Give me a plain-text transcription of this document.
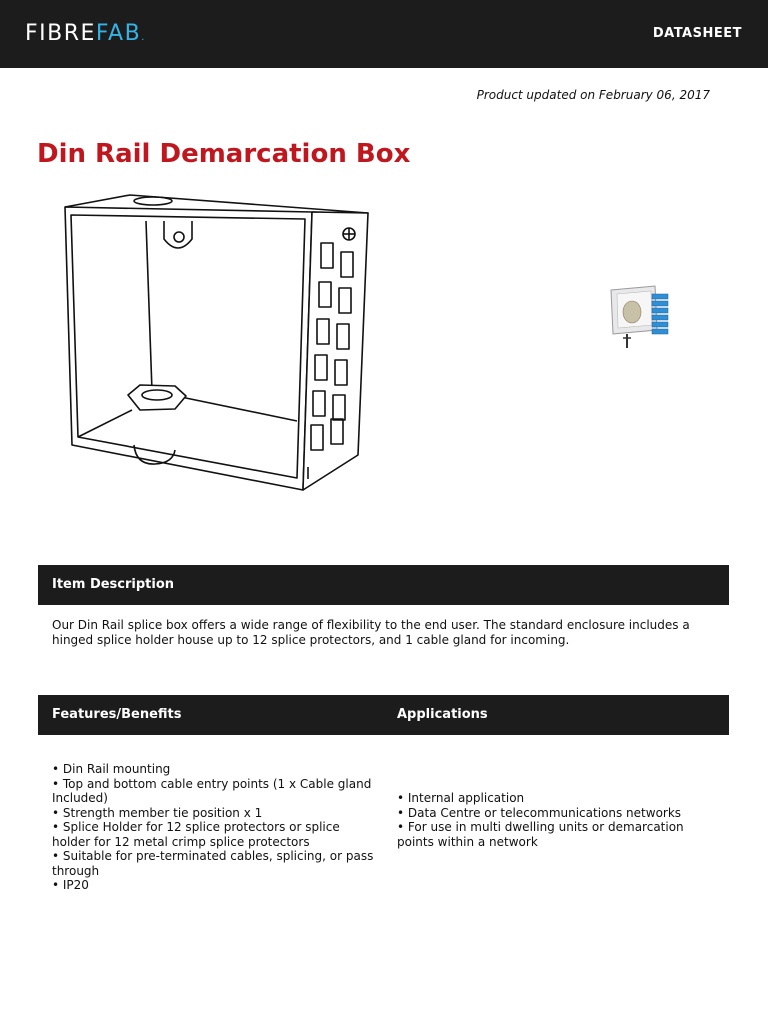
FIBREFAB.	DATASHEET
Product updated on February 06, 2017
Din Rail Demarcation Box
Item Description
Our Din Rail splice box offers a wide range of flexibility to the end user. The standard enclosure includes a hinged splice holder house up to 12 splice protectors, and 1 cable gland for incoming.
Features/Benefits	Applications
• Din Rail mounting
• Top and bottom cable entry points (1 x Cable gland Included)
• Strength member tie position x 1
• Splice Holder for 12 splice protectors or splice holder for 12 metal crimp splice protectors
• Suitable for pre-terminated cables, splicing, or pass through
• IP20
• Internal application
• Data Centre or telecommunications networks
• For use in multi dwelling units or demarcation points within a network
